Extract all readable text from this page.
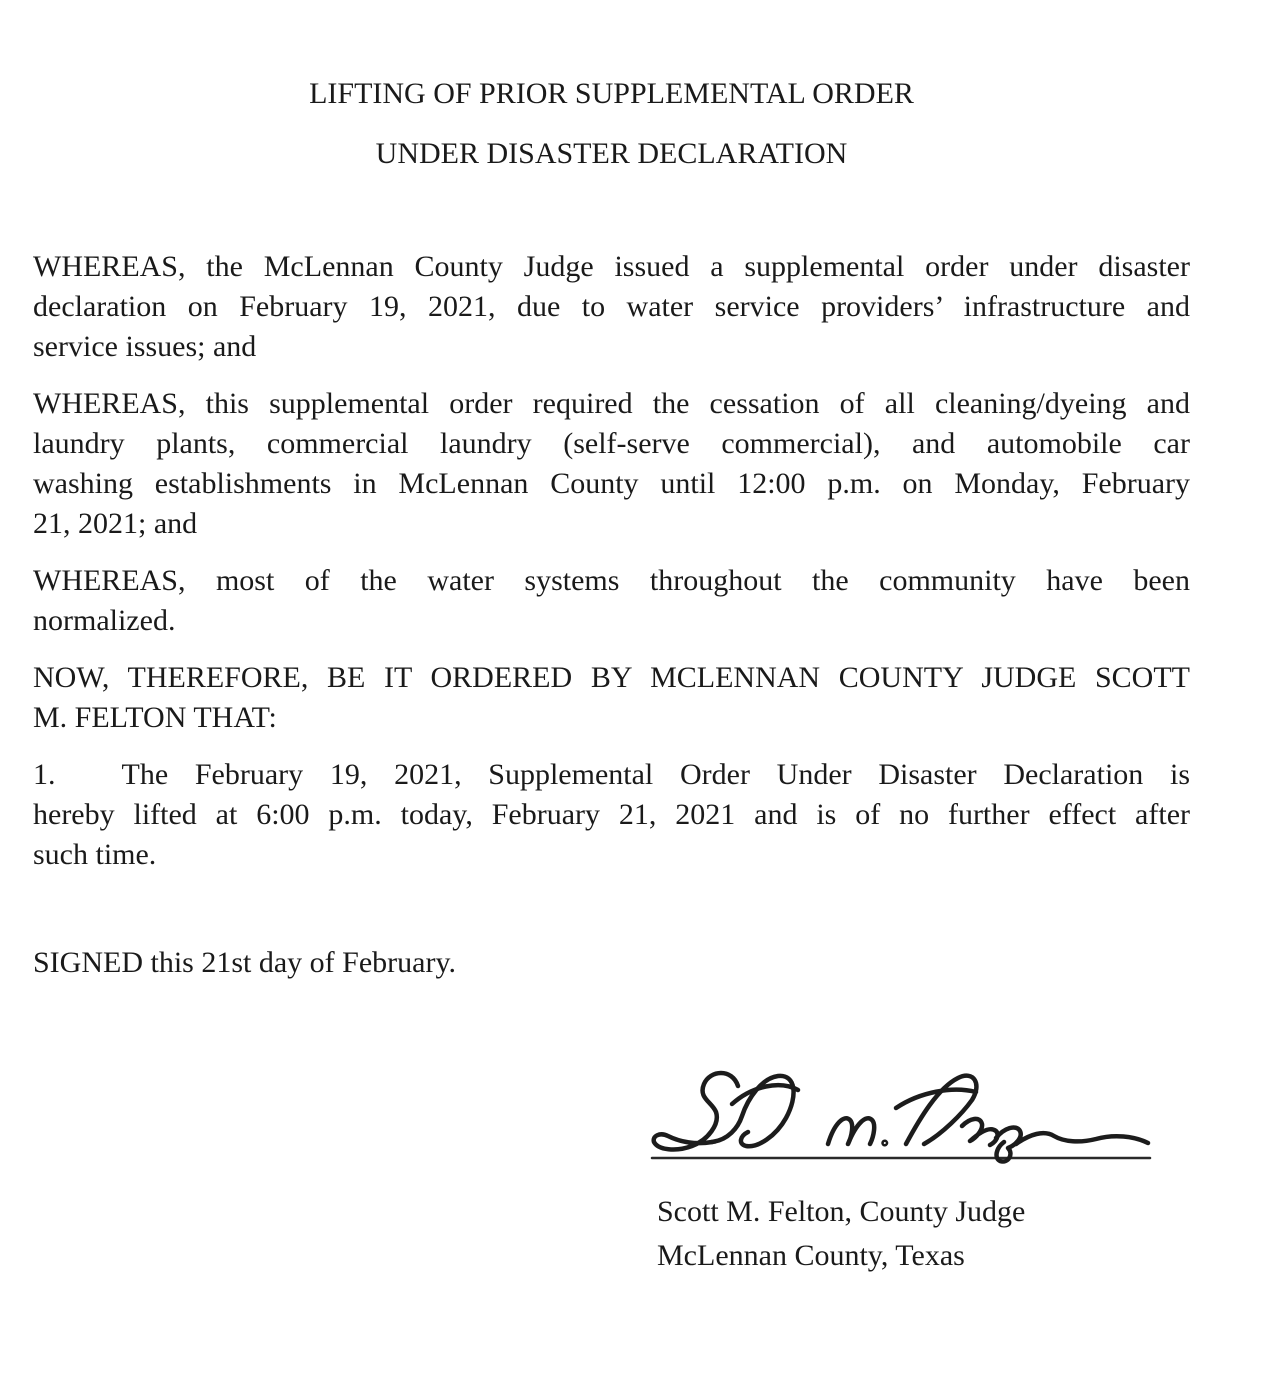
LIFTING OF PRIOR SUPPLEMENTAL ORDER
UNDER DISASTER DECLARATION
WHEREAS, the McLennan County Judge issued a supplemental order under disaster
declaration on February 19, 2021, due to water service providers’ infrastructure and
service issues; and
WHEREAS, this supplemental order required the cessation of all cleaning/dyeing and
laundry plants, commercial laundry (self-serve commercial), and automobile car
washing establishments in McLennan County until 12:00 p.m. on Monday, February
21, 2021; and
WHEREAS, most of the water systems throughout the community have been
normalized.
NOW, THEREFORE, BE IT ORDERED BY MCLENNAN COUNTY JUDGE SCOTT
M. FELTON THAT:
1. The February 19, 2021, Supplemental Order Under Disaster Declaration is
hereby lifted at 6:00 p.m. today, February 21, 2021 and is of no further effect after
such time.
SIGNED this 21st day of February.
Scott M. Felton, County Judge
McLennan County, Texas
